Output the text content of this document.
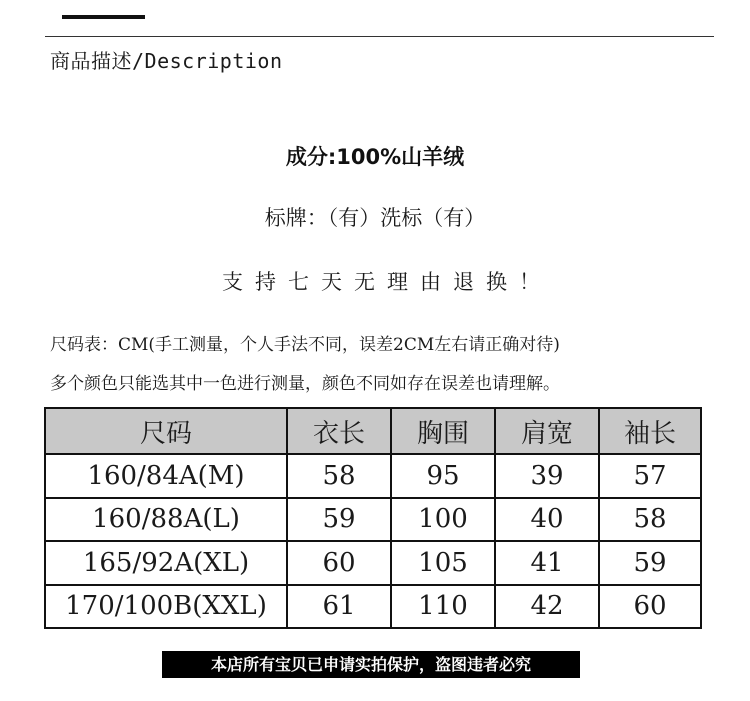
商品描述/Description
成分:100%山羊绒
标牌：（有）洗标（有）
支持七天无理由退换！
尺码表：CM(手工测量，个人手法不同，误差2CM左右请正确对待)
多个颜色只能选其中一色进行测量，颜色不同如存在误差也请理解。
尺码	衣长	胸围	肩宽	袖长
160/84A(M)	58	95	39	57
160/88A(L)	59	100	40	58
165/92A(XL)	60	105	41	59
170/100B(XXL)	61	110	42	60
本店所有宝贝已申请实拍保护，盗图违者必究
